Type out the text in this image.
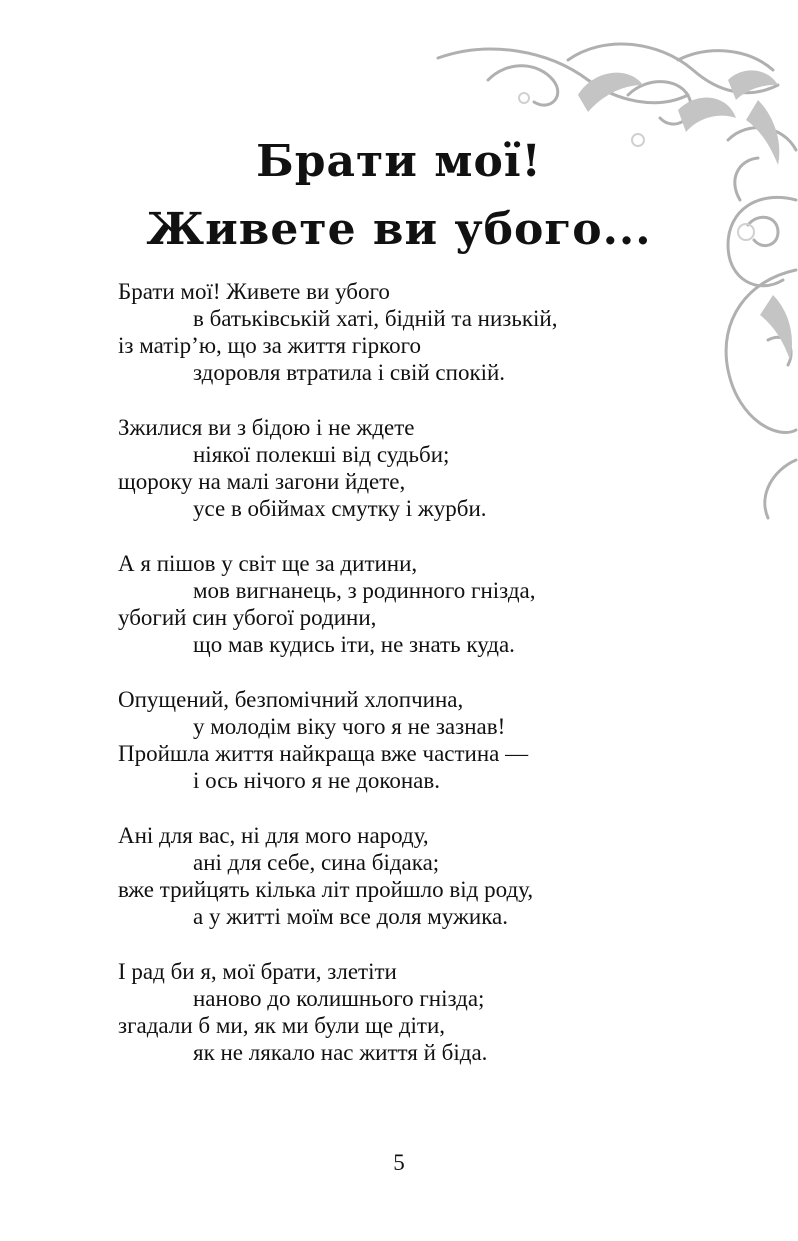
Брати мої!
Живете ви убого...
Брати мої! Живете ви убого
в батьківській хаті, бідній та низькій,
із матір’ю, що за життя гіркого
здоровля втратила і свій спокій.
Зжилися ви з бідою і не ждете
ніякої полекші від судьби;
щороку на малі загони йдете,
усе в обіймах смутку і журби.
А я пішов у світ ще за дитини,
мов вигнанець, з родинного гнізда,
убогий син убогої родини,
що мав кудись іти, не знать куда.
Опущений, безпомічний хлопчина,
у молодім віку чого я не зазнав!
Пройшла життя найкраща вже частина —
і ось нічого я не доконав.
Ані для вас, ні для мого народу,
ані для себе, сина бідака;
вже трийцять кілька літ пройшло від роду,
а у житті моїм все доля мужика.
І рад би я, мої брати, злетіти
наново до колишнього гнізда;
згадали б ми, як ми були ще діти,
як не лякало нас життя й біда.
5
